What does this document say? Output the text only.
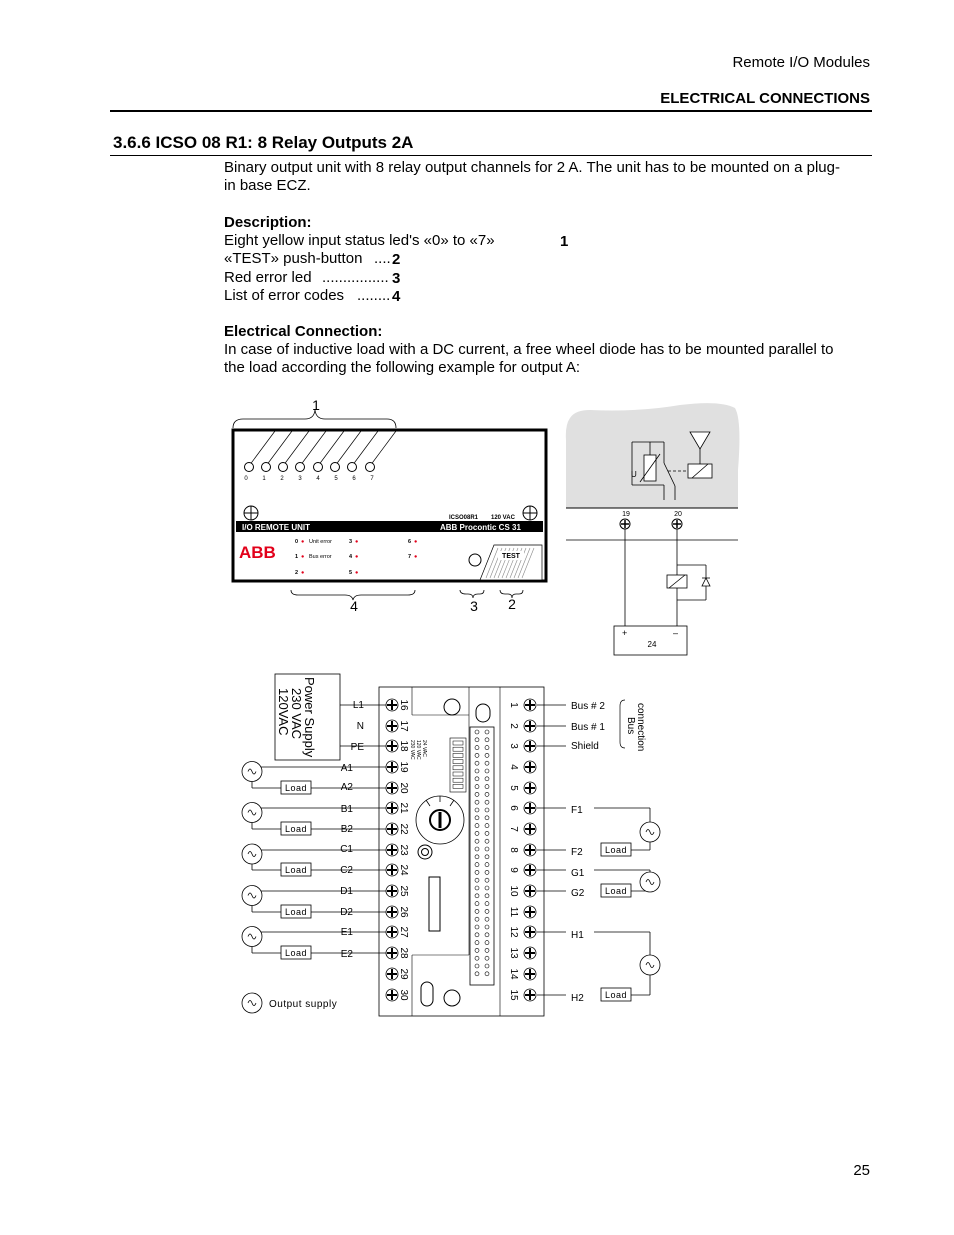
Remote I/O Modules
ELECTRICAL CONNECTIONS
3.6.6 ICSO 08 R1: 8 Relay Outputs 2A
Binary output unit with 8 relay output channels for 2 A. The unit has to be mounted on a plug-
in base ECZ.
Description:
Eight yellow input status led's «0» to «7»	1
«TEST» push-button .... 2
Red error led ................ 3
List of error codes ........ 4
Electrical Connection:
In case of inductive load with a DC current, a free wheel diode has to be mounted parallel to
the load according the following example for output A:
1
0 1 2 3 4 5 6 7
ICSO08R1 120 VAC
I/O REMOTE UNIT	ABB Procontic CS 31
ABB
0 ● Unit error
1 ● Bus error
2 ●
3 ●
4 ●
5 ●
6 ●
7 ●	TEST
4	3 2
U
19	20
+	–
24
Power Supply
230 VAC
120VAC
24 VAC
120 VAC
230 VAC
16
17
18
19
20
21
22
23
24
25
26
27
28
29
30
1
2
3
4
5
6
7
8
9
10
11
12
13
14
15
L1
N
PE
A1
A2
B1
B2
C1
C2
D1
D2
E1
E2
Bus # 2
Bus # 1
Shield
F1
F2
G1
G2
H1
H2
Bus connection
Load
Load
Load
Load
Load
Load
Load
Load
Output supply
25
